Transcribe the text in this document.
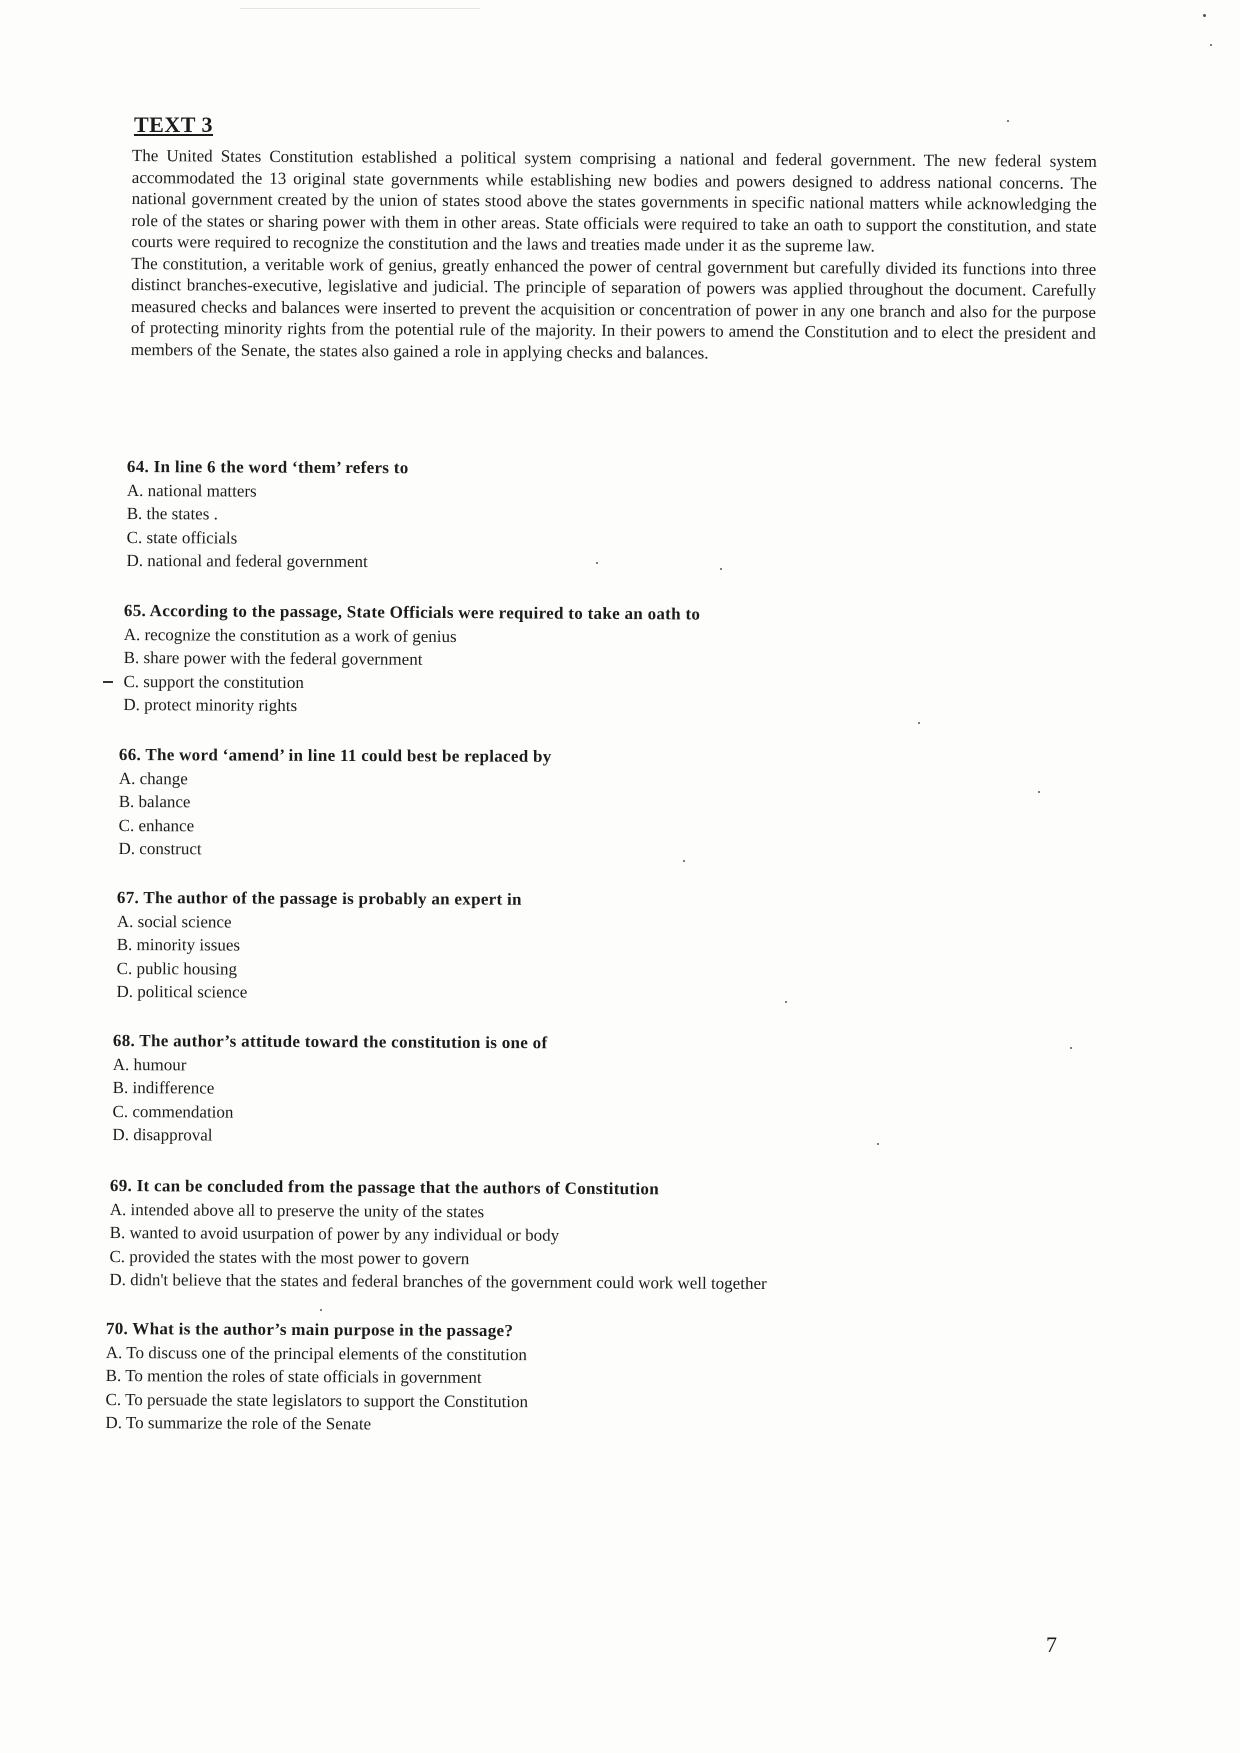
TEXT 3

The United States Constitution established a political system comprising a national and federal government. The new federal system accommodated the 13 original state governments while establishing new bodies and powers designed to address national concerns. The national government created by the union of states stood above the states governments in specific national matters while acknowledging the role of the states or sharing power with them in other areas. State officials were required to take an oath to support the constitution, and state courts were required to recognize the constitution and the laws and treaties made under it as the supreme law.

The constitution, a veritable work of genius, greatly enhanced the power of central government but carefully divided its functions into three distinct branches-executive, legislative and judicial. The principle of separation of powers was applied throughout the document. Carefully measured checks and balances were inserted to prevent the acquisition or concentration of power in any one branch and also for the purpose of protecting minority rights from the potential rule of the majority. In their powers to amend the Constitution and to elect the president and members of the Senate, the states also gained a role in applying checks and balances.

64. In line 6 the word ‘them’ refers to
A. national matters
B. the states .
C. state officials
D. national and federal government
65. According to the passage, State Officials were required to take an oath to
A. recognize the constitution as a work of genius
B. share power with the federal government
C. support the constitution
D. protect minority rights
66. The word ‘amend’ in line 11 could best be replaced by
A. change
B. balance
C. enhance
D. construct
67. The author of the passage is probably an expert in
A. social science
B. minority issues
C. public housing
D. political science
68. The author’s attitude toward the constitution is one of
A. humour
B. indifference
C. commendation
D. disapproval
69. It can be concluded from the passage that the authors of Constitution
A. intended above all to preserve the unity of the states
B. wanted to avoid usurpation of power by any individual or body
C. provided the states with the most power to govern
D. didn't believe that the states and federal branches of the government could work well together
70. What is the author’s main purpose in the passage?
A. To discuss one of the principal elements of the constitution
B. To mention the roles of state officials in government
C. To persuade the state legislators to support the Constitution
D. To summarize the role of the Senate
7
